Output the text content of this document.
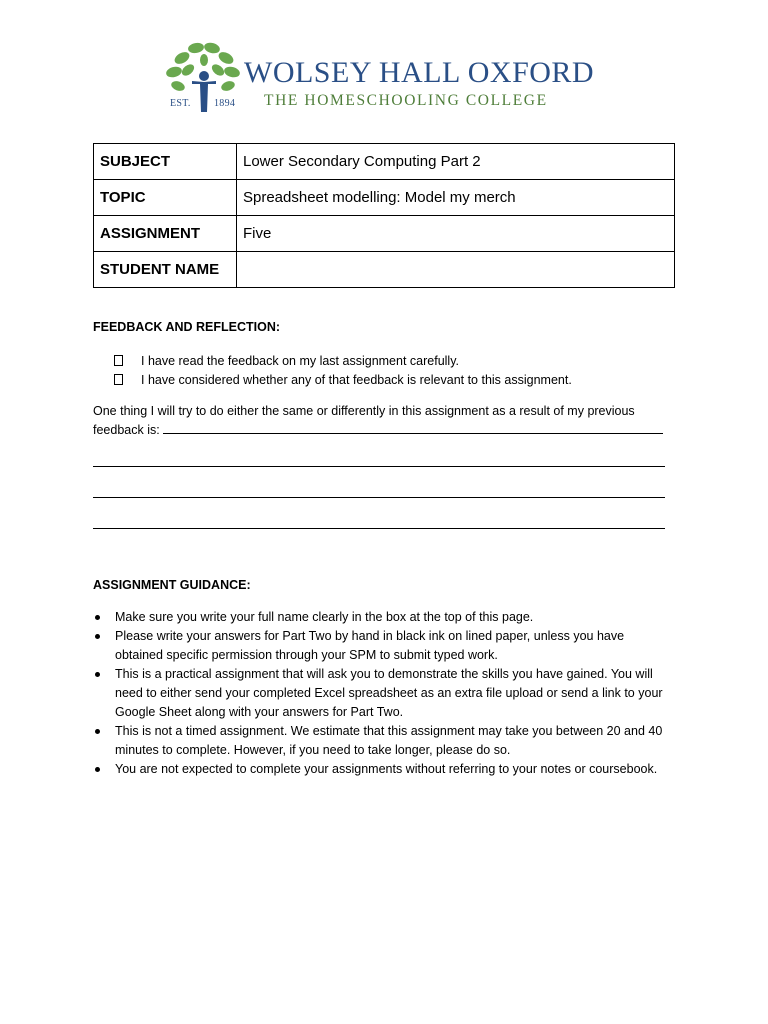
EST. 1894
WOLSEY HALL OXFORD
THE HOMESCHOOLING COLLEGE
SUBJECT	Lower Secondary Computing Part 2
TOPIC	Spreadsheet modelling: Model my merch
ASSIGNMENT	Five
STUDENT NAME	
FEEDBACK AND REFLECTION:
I have read the feedback on my last assignment carefully.
I have considered whether any of that feedback is relevant to this assignment.
One thing I will try to do either the same or differently in this assignment as a result of my previous feedback is:
ASSIGNMENT GUIDANCE:
Make sure you write your full name clearly in the box at the top of this page.
Please write your answers for Part Two by hand in black ink on lined paper, unless you have obtained specific permission through your SPM to submit typed work.
This is a practical assignment that will ask you to demonstrate the skills you have gained. You will need to either send your completed Excel spreadsheet as an extra file upload or send a link to your Google Sheet along with your answers for Part Two.
This is not a timed assignment. We estimate that this assignment may take you between 20 and 40 minutes to complete. However, if you need to take longer, please do so.
You are not expected to complete your assignments without referring to your notes or coursebook.
